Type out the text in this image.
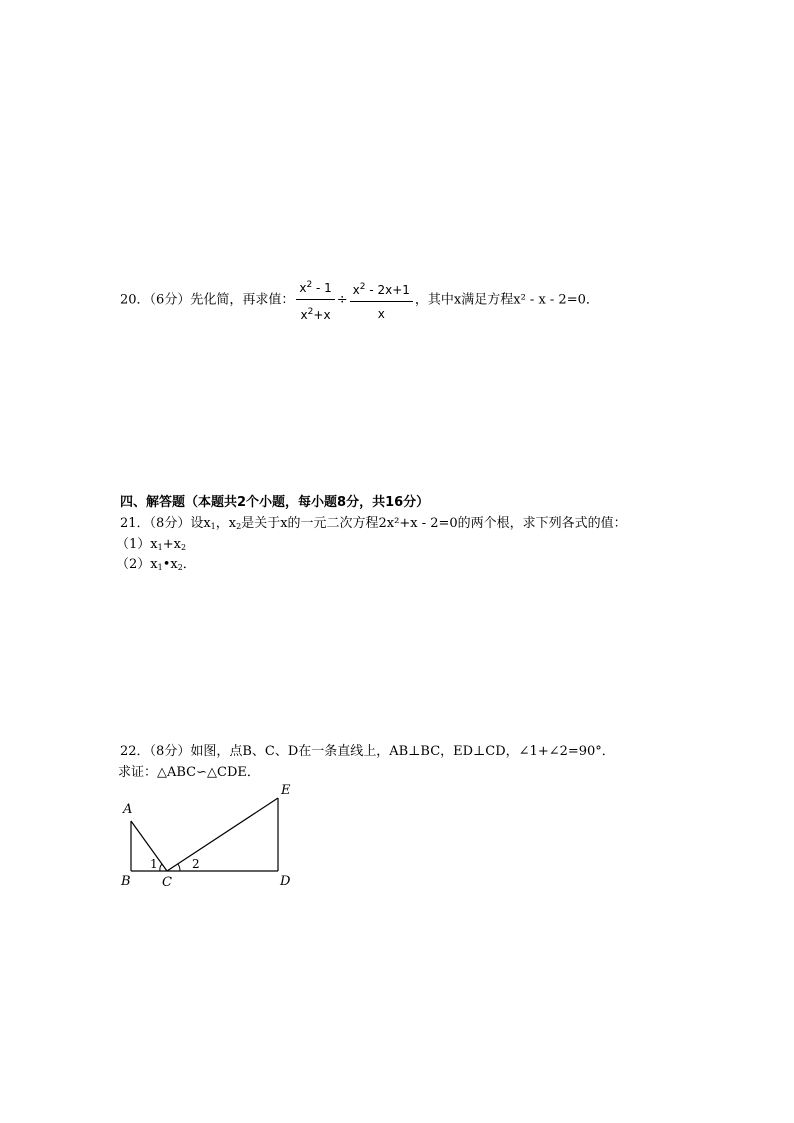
20．（6分）先化简，再求值： $\frac{x^2 - 1}{x^2+x} \div \frac{x^2 - 2x+1}{x}$ ，其中x满足方程x² - x - 2=0．
四、解答题（本题共2个小题，每小题8分，共16分）
21．（8分）设$x_1$，$x_2$是关于x的一元二次方程2x²+x - 2=0的两个根，求下列各式的值：
$(1)x_1+x_2$
$(2)x_1•x_2$．
22．（8分）如图，点B、C、D在一条直线上，AB⊥BC，ED⊥CD，∠1+∠2=90°．
求证：△ABC∽△CDE．
A
E
B C	D
1	2
